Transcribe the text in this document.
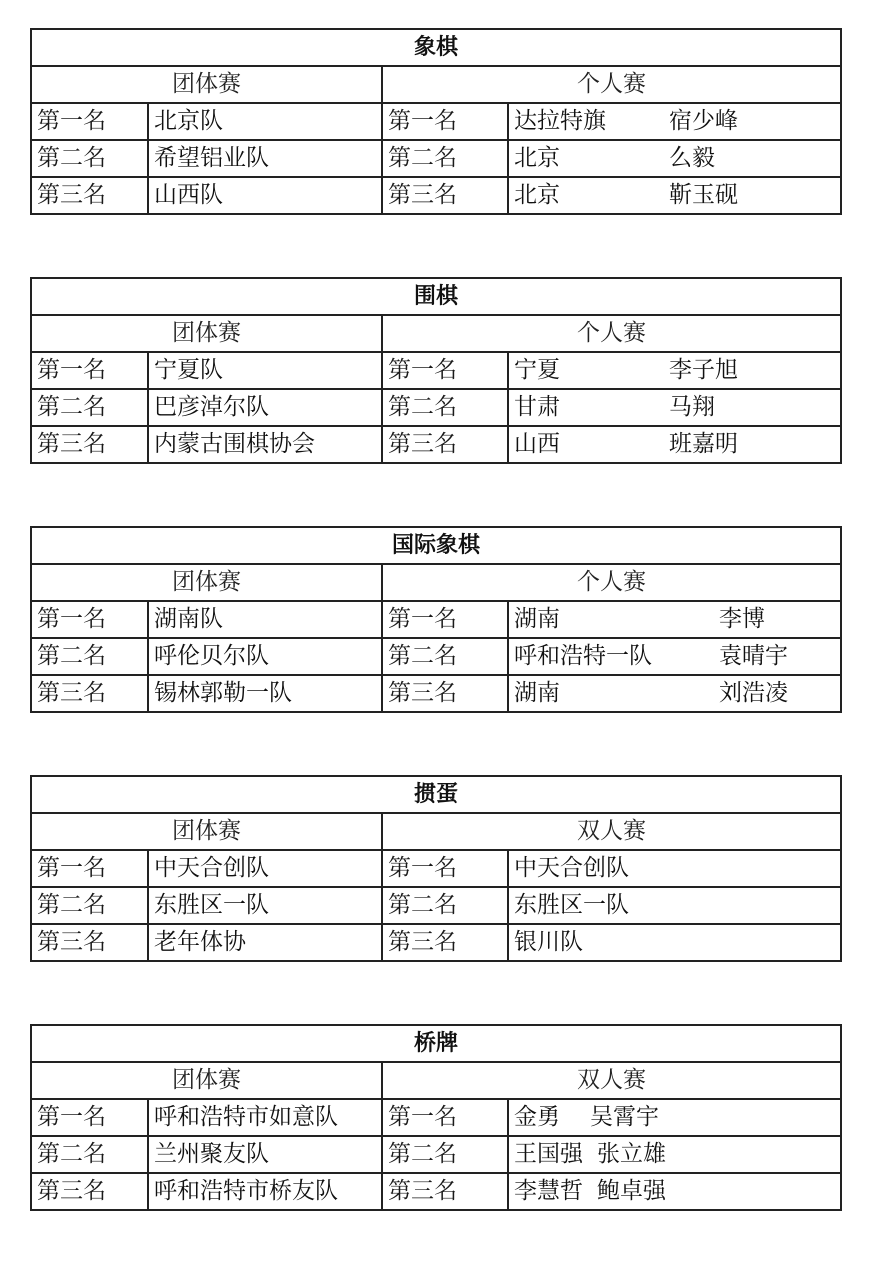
象棋			
团体赛		个人赛	
第一名	北京队	第一名	达拉特旗 宿少峰

第二名	希望铝业队	第二名	北京 么毅

第三名	山西队	第三名	北京 靳玉砚
围棋			
团体赛		个人赛	
第一名	宁夏队	第一名	宁夏 李子旭

第二名	巴彦淖尔队	第二名	甘肃 马翔

第三名	内蒙古围棋协会	第三名	山西 班嘉明
国际象棋			
团体赛		个人赛	
第一名	湖南队	第一名	湖南 李博

第二名	呼伦贝尔队	第二名	呼和浩特一队 袁晴宇

第三名	锡林郭勒一队	第三名	湖南 刘浩凌
掼蛋			
团体赛		双人赛	
第一名	中天合创队	第一名	中天合创队
第二名	东胜区一队	第二名	东胜区一队
第三名	老年体协	第三名	银川队
桥牌			
团体赛		双人赛	
第一名	呼和浩特市如意队	第一名	金勇 吴霄宇
第二名	兰州聚友队	第二名	王国强 张立雄
第三名	呼和浩特市桥友队	第三名	李慧哲 鲍卓强
